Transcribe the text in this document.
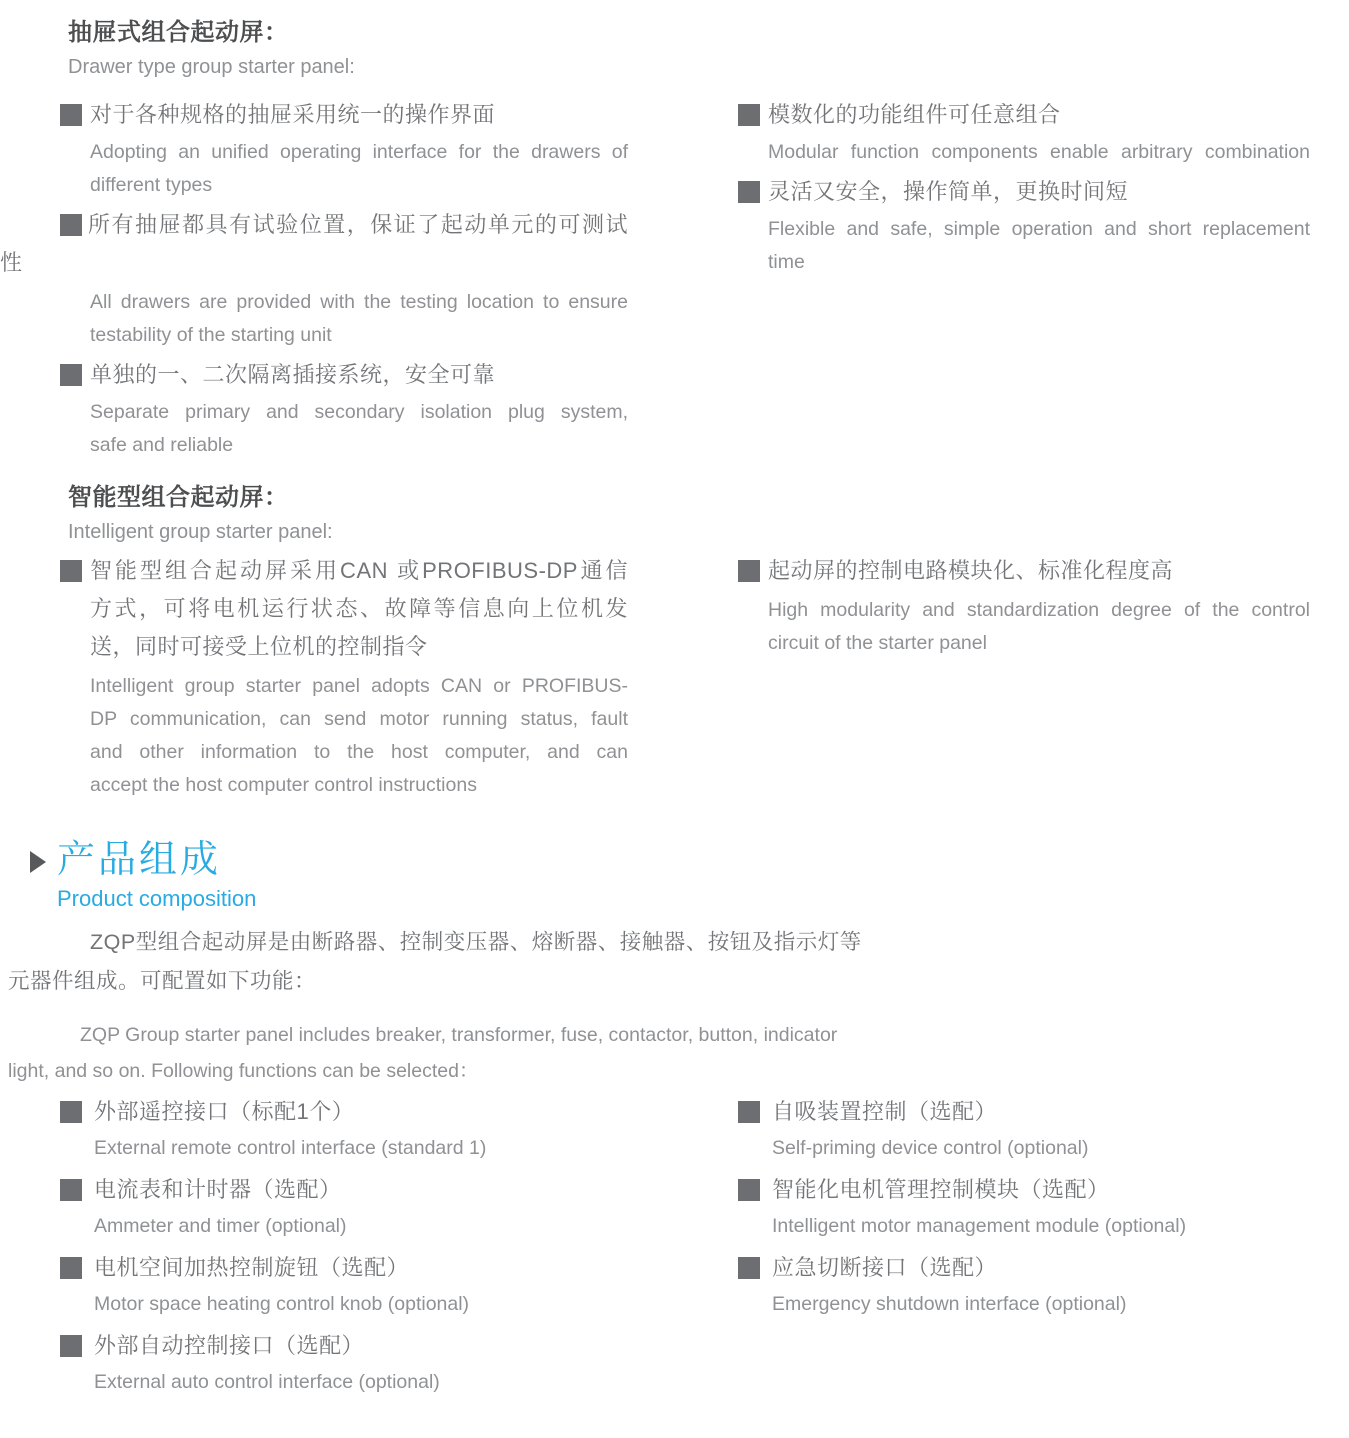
抽屉式组合起动屏：
Drawer type group starter panel:
对于各种规格的抽屉采用统一的操作界面
Adopting an unified operating interface for the drawers of
different types
所有抽屉都具有试验位置，保证了起动单元的可测试
性
All drawers are provided with the testing location to ensure
testability of the starting unit
单独的一、二次隔离插接系统，安全可靠
Separate primary and secondary isolation plug system,
safe and reliable
模数化的功能组件可任意组合
Modular function components enable arbitrary combination
灵活又安全，操作简单，更换时间短
Flexible and safe, simple operation and short replacement
time
智能型组合起动屏：
Intelligent group starter panel:
智能型组合起动屏采用CAN 或PROFIBUS-DP通信
方式，可将电机运行状态、故障等信息向上位机发
送，同时可接受上位机的控制指令
Intelligent group starter panel adopts CAN or PROFIBUS-
DP communication, can send motor running status, fault
and other information to the host computer, and can
accept the host computer control instructions
起动屏的控制电路模块化、标准化程度高
High modularity and standardization degree of the control
circuit of the starter panel
产品组成
Product composition
ZQP型组合起动屏是由断路器、控制变压器、熔断器、接触器、按钮及指示灯等
元器件组成。可配置如下功能：
ZQP Group starter panel includes breaker, transformer, fuse, contactor, button, indicator
light, and so on. Following functions can be selected：
外部遥控接口（标配1个）
External remote control interface (standard 1)
电流表和计时器（选配）
Ammeter and timer (optional)
电机空间加热控制旋钮（选配）
Motor space heating control knob (optional)
外部自动控制接口（选配）
External auto control interface (optional)
自吸装置控制（选配）
Self-priming device control (optional)
智能化电机管理控制模块（选配）
Intelligent motor management module (optional)
应急切断接口（选配）
Emergency shutdown interface (optional)
